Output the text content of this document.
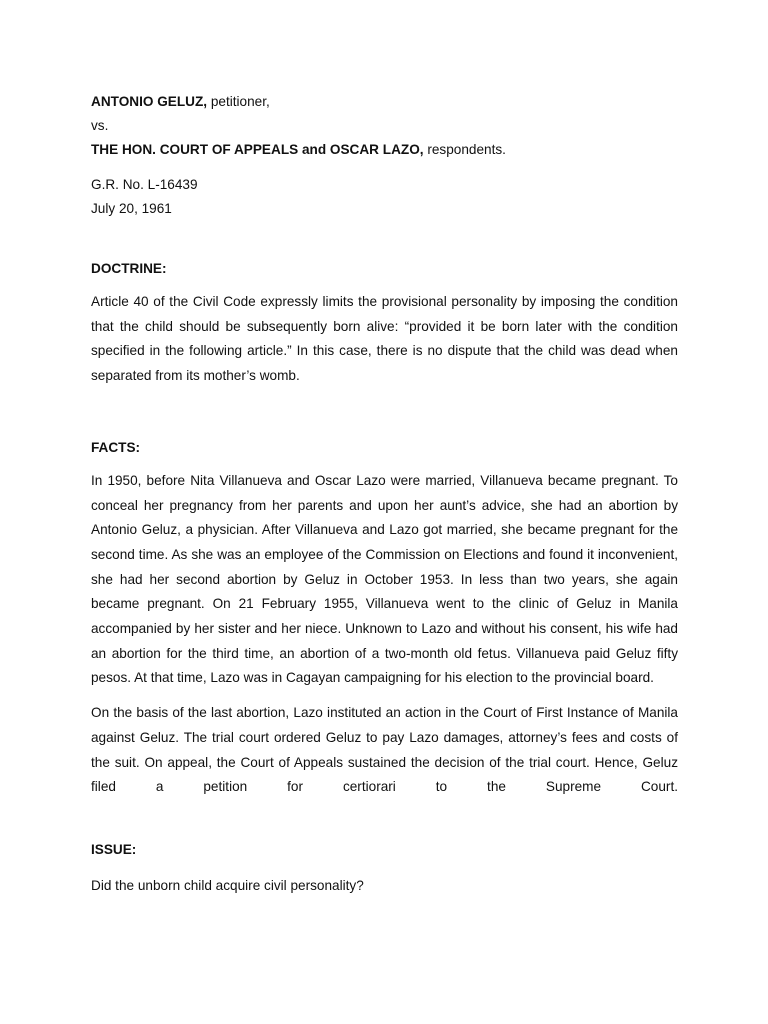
ANTONIO GELUZ, petitioner,

vs.

THE HON. COURT OF APPEALS and OSCAR LAZO, respondents.

G.R. No. L-16439

July 20, 1961

DOCTRINE:

Article 40 of the Civil Code expressly limits the provisional personality by imposing the condition that the child should be subsequently born alive: “provided it be born later with the condition specified in the following article.” In this case, there is no dispute that the child was dead when separated from its mother’s womb.

FACTS:

In 1950, before Nita Villanueva and Oscar Lazo were married, Villanueva became pregnant. To conceal her pregnancy from her parents and upon her aunt’s advice, she had an abortion by Antonio Geluz, a physician. After Villanueva and Lazo got married, she became pregnant for the second time. As she was an employee of the Commission on Elections and found it inconvenient, she had her second abortion by Geluz in October 1953. In less than two years, she again became pregnant. On 21 February 1955, Villanueva went to the clinic of Geluz in Manila accompanied by her sister and her niece. Unknown to Lazo and without his consent, his wife had an abortion for the third time, an abortion of a two-month old fetus. Villanueva paid Geluz fifty pesos. At that time, Lazo was in Cagayan campaigning for his election to the provincial board.

On the basis of the last abortion, Lazo instituted an action in the Court of First Instance of Manila against Geluz. The trial court ordered Geluz to pay Lazo damages, attorney’s fees and costs of the suit. On appeal, the Court of Appeals sustained the decision of the trial court. Hence, Geluz filed a petition for certiorari to the Supreme Court.

ISSUE:

Did the unborn child acquire civil personality?
